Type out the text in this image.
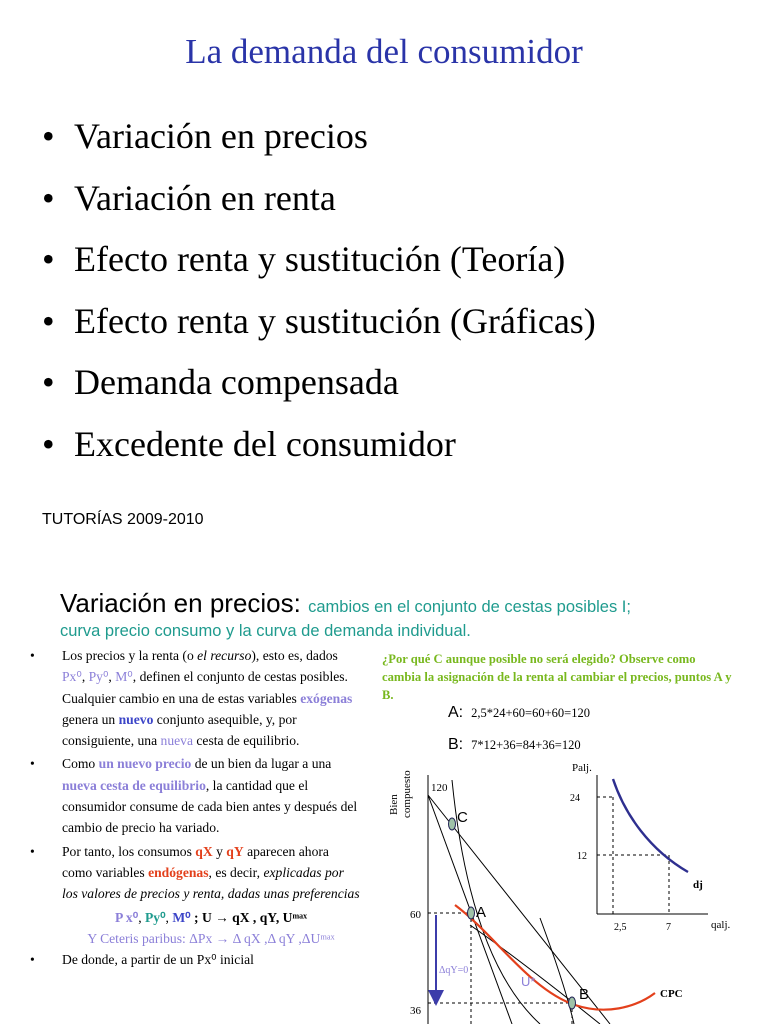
La demanda del consumidor
• Variación en precios
• Variación en renta
• Efecto renta y sustitución (Teoría)
• Efecto renta y sustitución (Gráficas)
• Demanda compensada
• Excedente del consumidor
TUTORÍAS 2009-2010
Variación en precios: cambios en el conjunto de cestas posibles I;
curva precio consumo y la curva de demanda individual.

• Los precios y la renta (o el recurso), esto es, dados Px⁰, Py⁰, M⁰, definen el conjunto de cestas posibles. Cualquier cambio en una de estas variables exógenas genera un nuevo conjunto asequible, y, por consiguiente, una nueva cesta de equilibrio.

• Como un nuevo precio de un bien da lugar a una nueva cesta de equilibrio, la cantidad que el consumidor consume de cada bien antes y después del cambio de precio ha variado.

• Por tanto, los consumos qX y qY aparecen ahora como variables endógenas, es decir, explicadas por los valores de precios y renta, dadas unas preferencias

P x⁰, Py⁰, M⁰ ; U → qX , qY, Uᵐᵃˣ
Y Ceteris paribus: ΔPx → Δ qX ,Δ qY ,ΔUᵐᵃˣ

• De donde, a partir de un Px⁰ inicial

¿Por qué C aunque posible no será elegido? Observe como cambia la asignación de la renta al cambiar el precios, puntos A y B.
A: 2,5*24+60=60+60=120
B: 7*12+36=84+36=120
Bien compuesto 120
60
36
CPC
ΔqY=0
C
A
B
U*
Palj.
qalj.
24
12
2,5	7
dj
